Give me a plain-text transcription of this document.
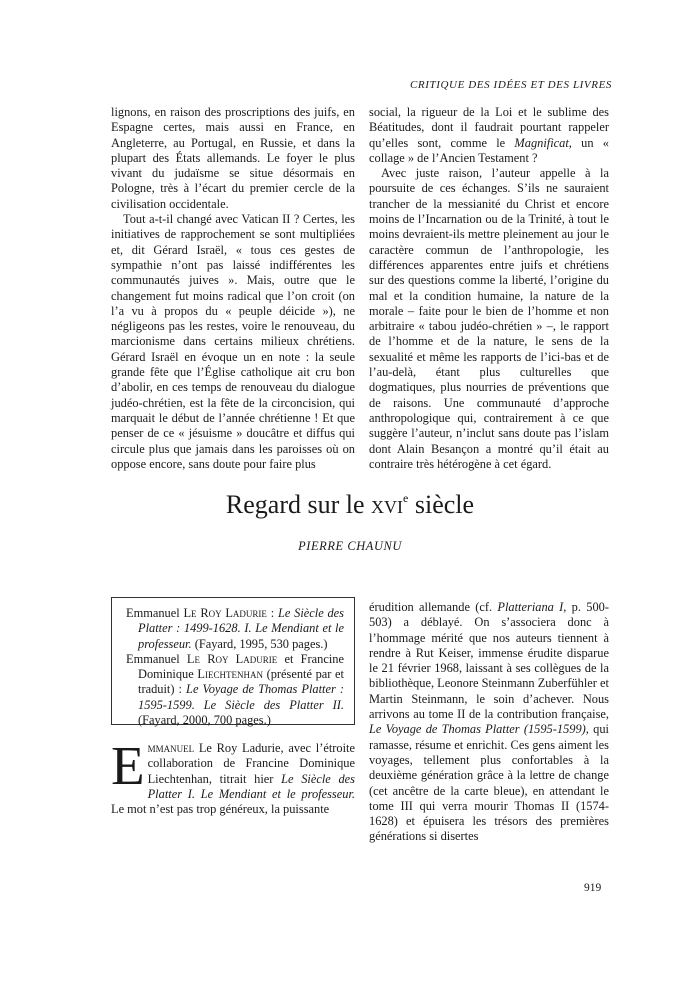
CRITIQUE DES IDÉES ET DES LIVRES

lignons, en raison des proscriptions des juifs, en Espagne certes, mais aussi en France, en Angleterre, au Portugal, en Russie, et dans la plupart des États allemands. Le foyer le plus vivant du judaïsme se situe désormais en Pologne, très à l’écart du premier cercle de la civilisation occidentale.

Tout a-t-il changé avec Vatican II ? Certes, les initiatives de rapprochement se sont multipliées et, dit Gérard Israël, « tous ces gestes de sympathie n’ont pas laissé indifférentes les communautés juives ». Mais, outre que le changement fut moins radical que l’on croit (on l’a vu à propos du « peuple déicide »), ne négligeons pas les restes, voire le renouveau, du marcionisme dans certains milieux chrétiens. Gérard Israël en évoque un en note : la seule grande fête que l’Église catholique ait cru bon d’abolir, en ces temps de renouveau du dialogue judéo-chrétien, est la fête de la circoncision, qui marquait le début de l’année chrétienne ! Et que penser de ce « jésuisme » doucâtre et diffus qui circule plus que jamais dans les paroisses où on oppose encore, sans doute pour faire plus

social, la rigueur de la Loi et le sublime des Béatitudes, dont il faudrait pourtant rappeler qu’elles sont, comme le Magnificat, un « collage » de l’Ancien Testament ?

Avec juste raison, l’auteur appelle à la poursuite de ces échanges. S’ils ne sauraient trancher de la messianité du Christ et encore moins de l’Incarnation ou de la Trinité, à tout le moins devraient-ils mettre pleinement au jour le caractère commun de l’anthropologie, les différences apparentes entre juifs et chrétiens sur des questions comme la liberté, l’origine du mal et la condition humaine, la nature de la morale – faite pour le bien de l’homme et non arbitraire « tabou judéo-chrétien » –, le rapport de l’homme et de la nature, le sens de la sexualité et même les rapports de l’ici-bas et de l’au-delà, étant plus culturelles que dogmatiques, plus nourries de préventions que de raisons. Une communauté d’approche anthropologique qui, contrairement à ce que suggère l’auteur, n’inclut sans doute pas l’islam dont Alain Besançon a montré qu’il était au contraire très hétérogène à cet égard.

Regard sur le xvi$^e$ siècle
PIERRE CHAUNU

Emmanuel Le Roy Ladurie : Le Siècle des Platter : 1499-1628. I. Le Mendiant et le professeur. (Fayard, 1995, 530 pages.)

Emmanuel Le Roy Ladurie et Francine Dominique Liechtenhan (présenté par et traduit) : Le Voyage de Thomas Platter : 1595-1599. Le Siècle des Platter II. (Fayard, 2000, 700 pages.)

Emmanuel Le Roy Ladurie, avec l’étroite collaboration de Francine Dominique Liechtenhan, titrait hier Le Siècle des Platter I. Le Mendiant et le professeur. Le mot n’est pas trop généreux, la puissante

érudition allemande (cf. Platteriana I, p. 500-503) a déblayé. On s’associera donc à l’hommage mérité que nos auteurs tiennent à rendre à Rut Keiser, immense érudite disparue le 21 février 1968, laissant à ses collègues de la bibliothèque, Leonore Steinmann Zuberfühler et Martin Steinmann, le soin d’achever. Nous arrivons au tome II de la contribution française, Le Voyage de Thomas Platter (1595-1599), qui ramasse, résume et enrichit. Ces gens aiment les voyages, tellement plus confortables à la deuxième génération grâce à la lettre de change (cet ancêtre de la carte bleue), en attendant le tome III qui verra mourir Thomas II (1574-1628) et épuisera les trésors des premières générations si disertes

919
